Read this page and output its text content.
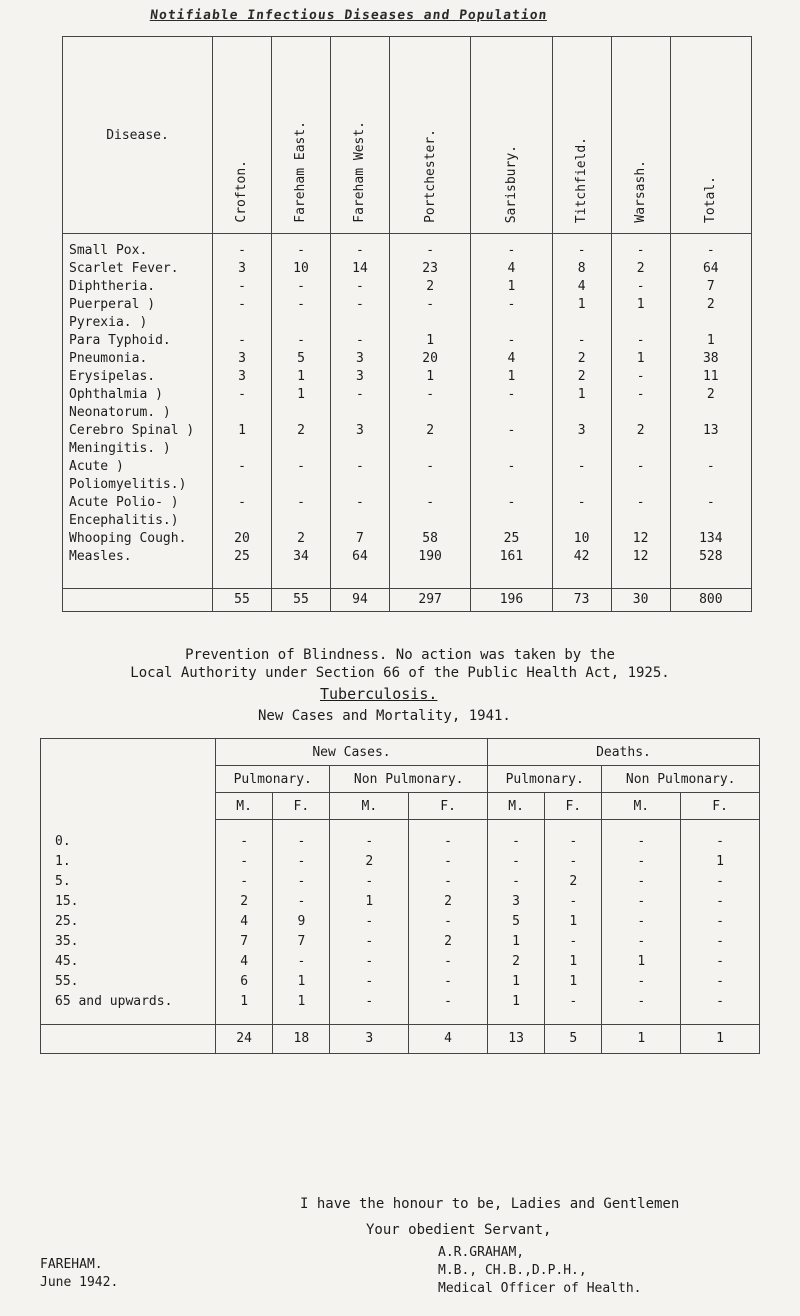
Notifiable Infectious Diseases and Population
Disease.	Crofton.	Fareham East.	Fareham West.	Portchester.	Sarisbury.	Titchfield.	Warsash.	Total.
Small Pox.	-	-	-	-	-	-	-	-
Scarlet Fever.	3	10	14	23	4	8	2	64
Diphtheria.	-	-	-	2	1	4	-	7
Puerperal )	-	-	-	-	-	1	1	2
Pyrexia. )								
Para Typhoid.	-	-	-	1	-	-	-	1
Pneumonia.	3	5	3	20	4	2	1	38
Erysipelas.	3	1	3	1	1	2	-	11
Ophthalmia )	-	1	-	-	-	1	-	2
Neonatorum. )								
Cerebro Spinal )	1	2	3	2	-	3	2	13
Meningitis. )								
Acute )	-	-	-	-	-	-	-	-
Poliomyelitis.)								
Acute Polio- )	-	-	-	-	-	-	-	-
Encephalitis.)								
Whooping Cough.	20	2	7	58	25	10	12	134
Measles.	25	34	64	190	161	42	12	528

	55	55	94	297	196	73	30	800
Prevention of Blindness. No action was taken by the
Local Authority under Section 66 of the Public Health Act, 1925.
Tuberculosis.
New Cases and Mortality, 1941.
	New Cases.				Deaths.			
	Pulmonary.		Non Pulmonary.		Pulmonary.		Non Pulmonary.	
	M.	F.	M.	F.	M.	F.	M.	F.

0.	-	-	-	-	-	-	-	-
1.	-	-	2	-	-	-	-	1
5.	-	-	-	-	-	2	-	-
15.	2	-	1	2	3	-	-	-
25.	4	9	-	-	5	1	-	-
35.	7	7	-	2	1	-	-	-
45.	4	-	-	-	2	1	1	-
55.	6	1	-	-	1	1	-	-
65 and upwards.	1	1	-	-	1	-	-	-

	24	18	3	4	13	5	1	1
I have the honour to be, Ladies and Gentlemen
Your obedient Servant,
FAREHAM.
June 1942.
A.R.GRAHAM,
M.B., CH.B.,D.P.H.,
Medical Officer of Health.
